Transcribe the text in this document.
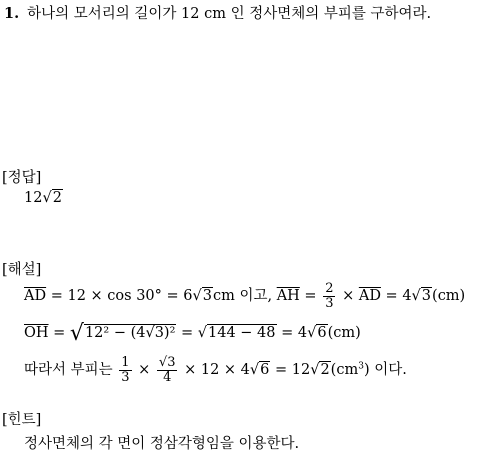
1. 하나의 모서리의 길이가 12 cm 인 정사면체의 부피를 구하여라.
[정답]
12√2
[해설]
$\overline{AD} = 12 \times \cos 30^\circ = 6√3cm$ 이고, $\overline{AH} = \frac{2}{3} \times \overline{AD} = 4√3(cm)$
$\overline{OH} = √12^2 - (4√3)^2 = √144 - 48 = 4√6(cm)$
따라서 부피는 $\frac{1}{3} \times \frac{√3}{4} \times 12 \times 4√6 = 12√2(cm^3)$ 이다.
[힌트]
정사면체의 각 면이 정삼각형임을 이용한다.
